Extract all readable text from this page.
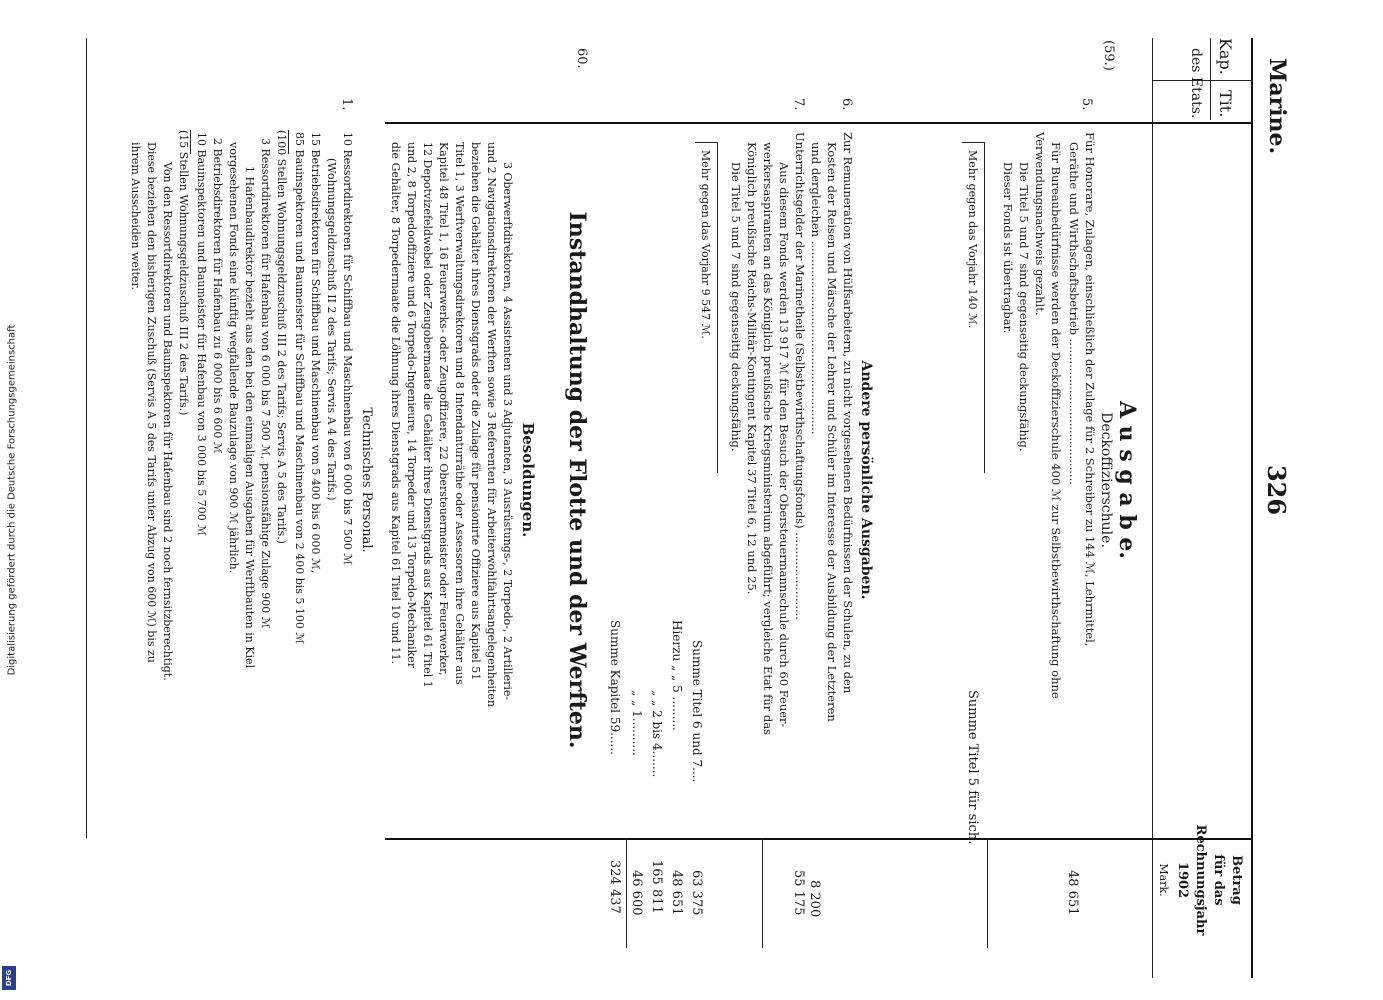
Marine.
326
Kap.
Tit.
des Etats.
Betrag
für das
Rechnungsjahr
1902
Mark.
A u s g a b e.
(59.)
5.
6.
7.
60.
1.
Deckoffizierschule.
Für Honorare, Zulagen, einschließlich der Zulage für 2 Schreiber zu 144 ℳ, Lehrmittel,
Geräthe und Wirthschaftsbetrieb ........................................
Für Bureaubedürfnisse werden der Deckoffizierschule 400 ℳ zur Selbstbewirthschaftung ohne
Verwendungsnachweis gezahlt.
Die Titel 5 und 7 sind gegenseitig deckungsfähig.
Dieser Fonds ist übertragbar.
Mehr gegen das Vorjahr 140 ℳ.
Summe Titel 5 für sich.
48 651
Andere persönliche Ausgaben.
Zur Remuneration von Hülfsarbeitern, zu nicht vorgesehenen Bedürfnissen der Schulen, zu den
Kosten der Reisen und Märsche der Lehrer und Schüler im Interesse der Ausbildung der Letzteren
und dergleichen .....................................................
8 200
Unterrichtsgelder der Marinetheile (Selbstbewirthschaftungsfonds) ........................
Aus diesem Fonds werden 13 917 ℳ für den Besuch der Obersteuermannschule durch 60 Feuer-
werkersaspiranten an das Königlich preußische Kriegsministerium abgeführt; vergleiche Etat für das
Königlich preußische Reichs-Militär-Kontingent Kapitel 37 Titel 6, 12 und 25.
Die Titel 5 und 7 sind gegenseitig deckungsfähig.
55 175
Mehr gegen das Vorjahr 9 547 ℳ.
Summe Titel 6 und 7....
Hierzu „ „ 5 .........
„ „ 2 bis 4.......
„ „ 1..........
Summe Kapitel 59......
63 375
48 651
165 811
46 600
324 437
Instandhaltung der Flotte und der Werften.
Besoldungen.
3 Oberwerftdirektoren, 4 Assistenten und 3 Adjutanten, 3 Ausrüstungs-, 2 Torpedo-, 2 Artillerie-
und 2 Navigationsdirektoren der Werften sowie 3 Referenten für Arbeiterwohlfahrtsangelegenheiten
beziehen die Gehälter ihres Dienstgrads oder die Zulage für pensionirte Offiziere aus Kapitel 51
Titel 1, 3 Werftverwaltungsdirektoren und 8 Intendanturräthe oder Assessoren ihre Gehälter aus
Kapitel 48 Titel 1, 16 Feuerwerks- oder Zeugoffiziere, 22 Obersteuermeister oder Feuerwerker,
12 Depotvizefeldwebel oder Zeugobermaate die Gehälter ihres Dienstgrads aus Kapitel 61 Titel 1
und 2, 8 Torpedooffiziere und 6 Torpedo-Ingenieure, 14 Torpeder und 13 Torpedo-Mechaniker
die Gehälter, 8 Torpedermaate die Löhnung ihres Dienstgrads aus Kapitel 61 Titel 10 und 11.
Technisches Personal.
10 Ressortdirektoren für Schiffbau und Maschinenbau von 6 000 bis 7 500 ℳ
(Wohnungsgeldzuschuß II 2 des Tarifs; Servis A 4 des Tarifs.)
15 Betriebsdirektoren für Schiffbau und Maschinenbau von 5 400 bis 6 000 ℳ,
85 Bauinspektoren und Baumeister für Schiffbau und Maschinenbau von 2 400 bis 5 100 ℳ
(100 Stellen Wohnungsgeldzuschuß III 2 des Tarifs; Servis A 5 des Tarifs.)
3 Ressortdirektoren für Hafenbau von 6 000 bis 7 500 ℳ, pensionsfähige Zulage 900 ℳ
1 Hafenbaudirektor bezieht aus den bei den einmaligen Ausgaben für Werftbauten in Kiel
vorgesehenen Fonds eine künftig wegfallende Bauzulage von 900 ℳ jährlich.
2 Betriebsdirektoren für Hafenbau zu 6 000 bis 6 600 ℳ
10 Bauinspektoren und Baumeister für Hafenbau von 3 000 bis 5 700 ℳ
(15 Stellen Wohnungsgeldzuschuß III 2 des Tarifs.)
Von den Ressortdirektoren und Bauinspektoren für Hafenbau sind 2 noch fernsitzberechtigt.
Diese beziehen den bisherigen Zuschuß (Servis A 5 des Tarifs unter Abzug von 600 ℳ) bis zu
ihrem Ausscheiden weiter.
Digitalisierung gefördert durch die Deutsche Forschungsgemeinschaft
DFG
